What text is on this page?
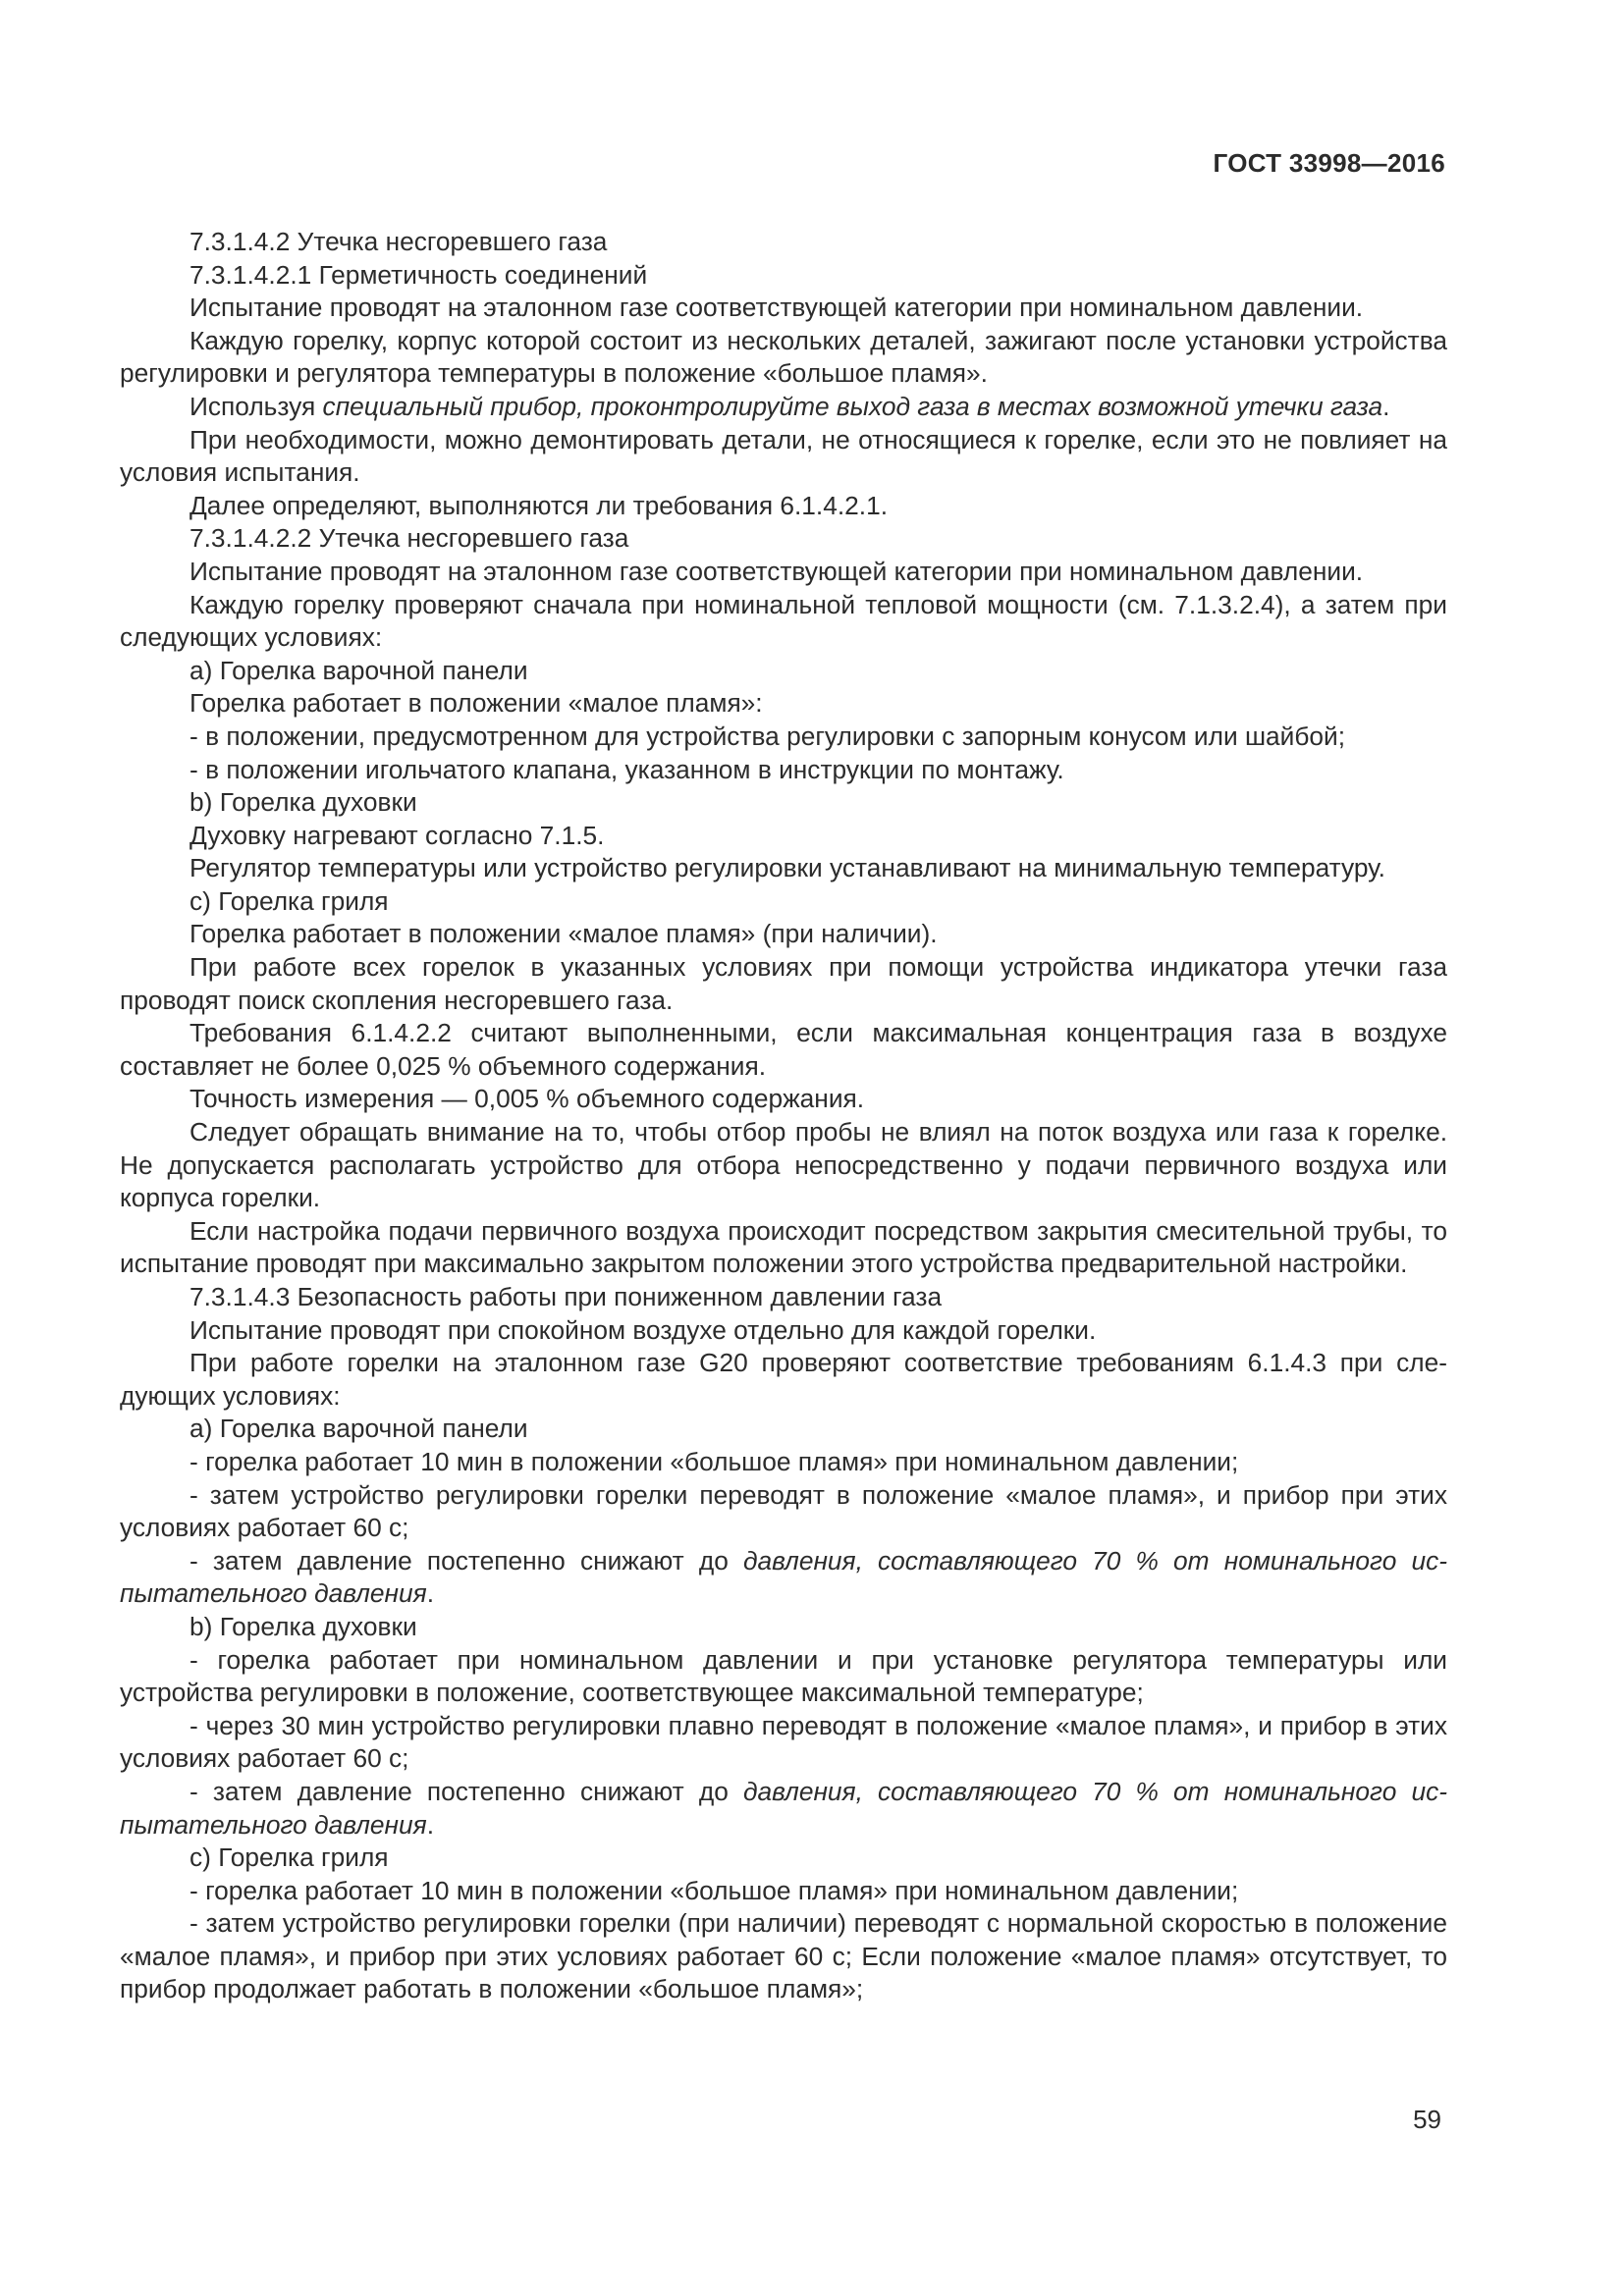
ГОСТ 33998—2016

7.3.1.4.2 Утечка несгоревшего газа

7.3.1.4.2.1 Герметичность соединений

Испытание проводят на эталонном газе соответствующей категории при номинальном давлении.

Каждую горелку, корпус которой состоит из нескольких деталей, зажигают после установки устройства регулировки и регулятора температуры в положение «большое пламя».

Используя специальный прибор, проконтролируйте выход газа в местах возможной утечки газа.

При необходимости, можно демонтировать детали, не относящиеся к горелке, если это не повлияет на условия испытания.

Далее определяют, выполняются ли требования 6.1.4.2.1.

7.3.1.4.2.2 Утечка несгоревшего газа

Испытание проводят на эталонном газе соответствующей категории при номинальном давлении.

Каждую горелку проверяют сначала при номинальной тепловой мощности (см. 7.1.3.2.4), а затем при следующих условиях:

а) Горелка варочной панели

Горелка работает в положении «малое пламя»:

- в положении, предусмотренном для устройства регулировки с запорным конусом или шайбой;

- в положении игольчатого клапана, указанном в инструкции по монтажу.

b) Горелка духовки

Духовку нагревают согласно 7.1.5.

Регулятор температуры или устройство регулировки устанавливают на минимальную температуру.

с) Горелка гриля

Горелка работает в положении «малое пламя» (при наличии).

При работе всех горелок в указанных условиях при помощи устройства индикатора утечки газа проводят поиск скопления несгоревшего газа.

Требования 6.1.4.2.2 считают выполненными, если максимальная концентрация газа в воздухе составляет не более 0,025 % объемного содержания.

Точность измерения — 0,005 % объемного содержания.

Следует обращать внимание на то, чтобы отбор пробы не влиял на поток воздуха или газа к горелке. Не допускается располагать устройство для отбора непосредственно у подачи первичного воздуха или корпуса горелки.

Если настройка подачи первичного воздуха происходит посредством закрытия смесительной трубы, то испытание проводят при максимально закрытом положении этого устройства предварительной настройки.

7.3.1.4.3 Безопасность работы при пониженном давлении газа

Испытание проводят при спокойном воздухе отдельно для каждой горелки.

При работе горелки на эталонном газе G20 проверяют соответствие требованиям 6.1.4.3 при следующих условиях:

а) Горелка варочной панели

- горелка работает 10 мин в положении «большое пламя» при номинальном давлении;

- затем устройство регулировки горелки переводят в положение «малое пламя», и прибор при этих условиях работает 60 с;

- затем давление постепенно снижают до давления, составляющего 70 % от номинального испытательного давления.

b) Горелка духовки

- горелка работает при номинальном давлении и при установке регулятора температуры или устройства регулировки в положение, соответствующее максимальной температуре;

- через 30 мин устройство регулировки плавно переводят в положение «малое пламя», и прибор в этих условиях работает 60 с;

- затем давление постепенно снижают до давления, составляющего 70 % от номинального испытательного давления.

с) Горелка гриля

- горелка работает 10 мин в положении «большое пламя» при номинальном давлении;

- затем устройство регулировки горелки (при наличии) переводят с нормальной скоростью в положение «малое пламя», и прибор при этих условиях работает 60 с; Если положение «малое пламя» отсутствует, то прибор продолжает работать в положении «большое пламя»;

59
